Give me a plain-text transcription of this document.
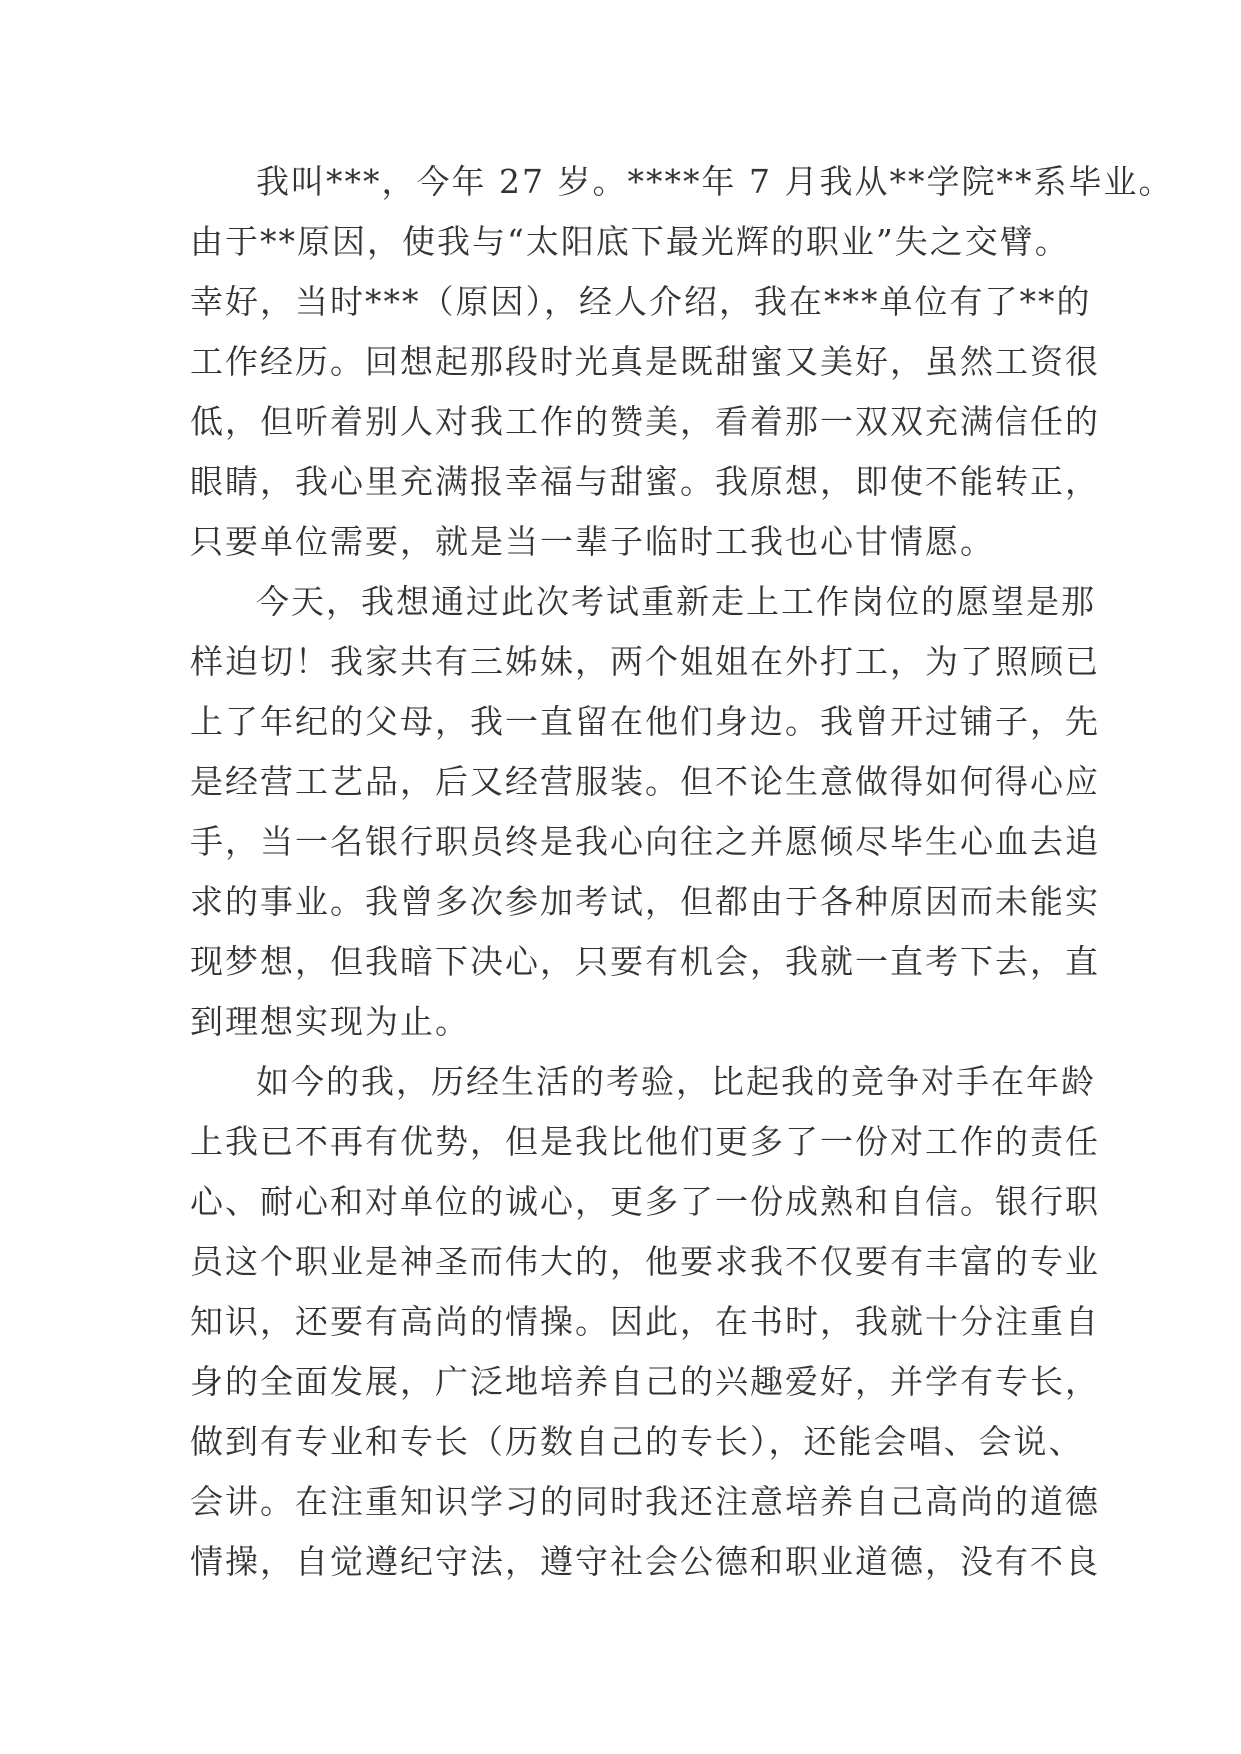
我叫***，今年 27 岁。****年 7 月我从**学院**系毕业。
由于**原因，使我与“太阳底下最光辉的职业”失之交臂。
幸好，当时***（原因），经人介绍，我在***单位有了**的
工作经历。回想起那段时光真是既甜蜜又美好，虽然工资很
低，但听着别人对我工作的赞美，看着那一双双充满信任的
眼睛，我心里充满报幸福与甜蜜。我原想，即使不能转正，
只要单位需要，就是当一辈子临时工我也心甘情愿。
今天，我想通过此次考试重新走上工作岗位的愿望是那
样迫切！我家共有三姊妹，两个姐姐在外打工，为了照顾已
上了年纪的父母，我一直留在他们身边。我曾开过铺子，先
是经营工艺品，后又经营服装。但不论生意做得如何得心应
手，当一名银行职员终是我心向往之并愿倾尽毕生心血去追
求的事业。我曾多次参加考试，但都由于各种原因而未能实
现梦想，但我暗下决心，只要有机会，我就一直考下去，直
到理想实现为止。
如今的我，历经生活的考验，比起我的竞争对手在年龄
上我已不再有优势，但是我比他们更多了一份对工作的责任
心、耐心和对单位的诚心，更多了一份成熟和自信。银行职
员这个职业是神圣而伟大的，他要求我不仅要有丰富的专业
知识，还要有高尚的情操。因此，在书时，我就十分注重自
身的全面发展，广泛地培养自己的兴趣爱好，并学有专长，
做到有专业和专长（历数自己的专长），还能会唱、会说、
会讲。在注重知识学习的同时我还注意培养自己高尚的道德
情操，自觉遵纪守法，遵守社会公德和职业道德，没有不良
